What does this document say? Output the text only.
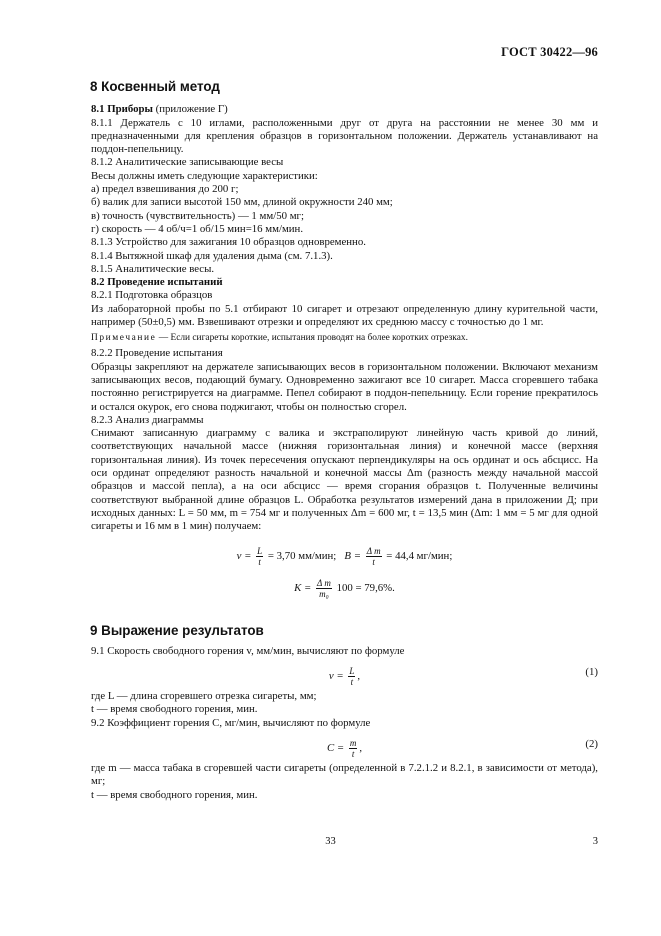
ГОСТ 30422—96
8 Косвенный метод

8.1 Приборы (приложение Г)

8.1.1 Держатель с 10 иглами, расположенными друг от друга на расстоянии не менее 30 мм и предназначенными для крепления образцов в горизонтальном положении. Держатель устанавливают на поддон-пепельницу.

8.1.2 Аналитические записывающие весы

Весы должны иметь следующие характеристики:

а) предел взвешивания до 200 г;

б) валик для записи высотой 150 мм, длиной окружности 240 мм;

в) точность (чувствительность) — 1 мм/50 мг;

г) скорость — 4 об/ч=1 об/15 мин=16 мм/мин.

8.1.3 Устройство для зажигания 10 образцов одновременно.

8.1.4 Вытяжной шкаф для удаления дыма (см. 7.1.3).

8.1.5 Аналитические весы.

8.2 Проведение испытаний

8.2.1 Подготовка образцов

Из лабораторной пробы по 5.1 отбирают 10 сигарет и отрезают определенную длину курительной части, например (50±0,5) мм. Взвешивают отрезки и определяют их среднюю массу с точностью до 1 мг.

Примечание — Если сигареты короткие, испытания проводят на более коротких отрезках.

8.2.2 Проведение испытания

Образцы закрепляют на держателе записывающих весов в горизонтальном положении. Включают механизм записывающих весов, подающий бумагу. Одновременно зажигают все 10 сигарет. Масса сгоревшего табака постоянно регистрируется на диаграмме. Пепел собирают в поддон-пепельницу. Если горение прекратилось и остался окурок, его снова поджигают, чтобы он полностью сгорел.

8.2.3 Анализ диаграммы

Снимают записанную диаграмму с валика и экстраполируют линейную часть кривой до линий, соответствующих начальной массе (нижняя горизонтальная линия) и конечной массе (верхняя горизонтальная линия). Из точек пересечения опускают перпендикуляры на ось ординат и ось абсцисс. На оси ординат определяют разность начальной и конечной массы Δm (разность между начальной массой образцов и массой пепла), а на оси абсцисс — время сгорания образцов t. Полученные величины соответствуют выбранной длине образцов L. Обработка результатов измерений дана в приложении Д; при исходных данных: L = 50 мм, m = 754 мг и полученных Δm = 600 мг, t = 13,5 мин (Δm: 1 мм = 5 мг для одной сигареты и 16 мм в 1 мин) получаем:

$v = \frac{L}{t} = 3,70$ мм/мин; $B = \frac{\text{Δ m}}{t} = 44,4$ мг/мин;
$K = \frac{\text{Δ m}}{\text{m₀}} 100 = 79,6\%$.
9 Выражение результатов

9.1 Скорость свободного горения v, мм/мин, вычисляют по формуле

$v = \frac{L}{t}$ ,	(1)

где L — длина сгоревшего отрезка сигареты, мм;

t — время свободного горения, мин.

9.2 Коэффициент горения C, мг/мин, вычисляют по формуле

$C = \frac{m}{t}$ ,	(2)

где m — масса табака в сгоревшей части сигареты (определенной в 7.2.1.2 и 8.2.1, в зависимости от метода), мг;

t — время свободного горения, мин.

33	3
